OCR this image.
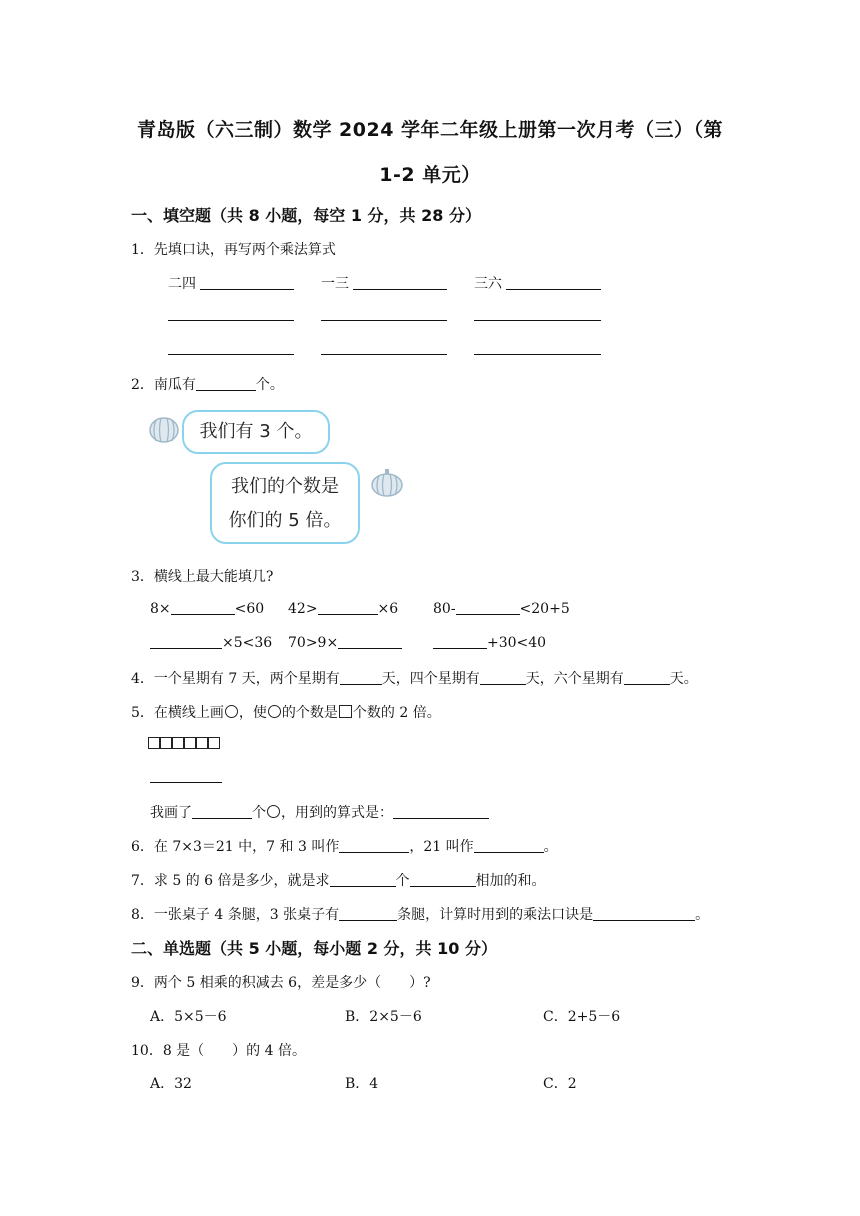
青岛版（六三制）数学 2024 学年二年级上册第一次月考（三）（第
1-2 单元）
一、填空题（共 8 小题，每空 1 分，共 28 分）
1．先填口诀，再写两个乘法算式
二四	一三	三六
2．南瓜有	个。
我们有 3 个。
我们的个数是
你们的 5 倍。
3．横线上最大能填几?
8×	<60 42>	×6 80-	<20+5
×5<36 70>9×	+30<40
4．一个星期有 7 天，两个星期有	天，四个星期有	天，六个星期有	天。
5．在横线上画 ，使 的个数是 个数的 2 倍。
我画了	个 ，用到的算式是：
6．在 7×3＝21 中，7 和 3 叫作	，21 叫作	。
7．求 5 的 6 倍是多少，就是求	个	相加的和。
8．一张桌子 4 条腿，3 张桌子有	条腿，计算时用到的乘法口诀是	。
二、单选题（共 5 小题，每小题 2 分，共 10 分）
9．两个 5 相乘的积减去 6，差是多少（　　）?
A．5×5－6	B．2×5－6	C．2+5－6
10．8 是（　　）的 4 倍。
A．32	B．4	C．2
